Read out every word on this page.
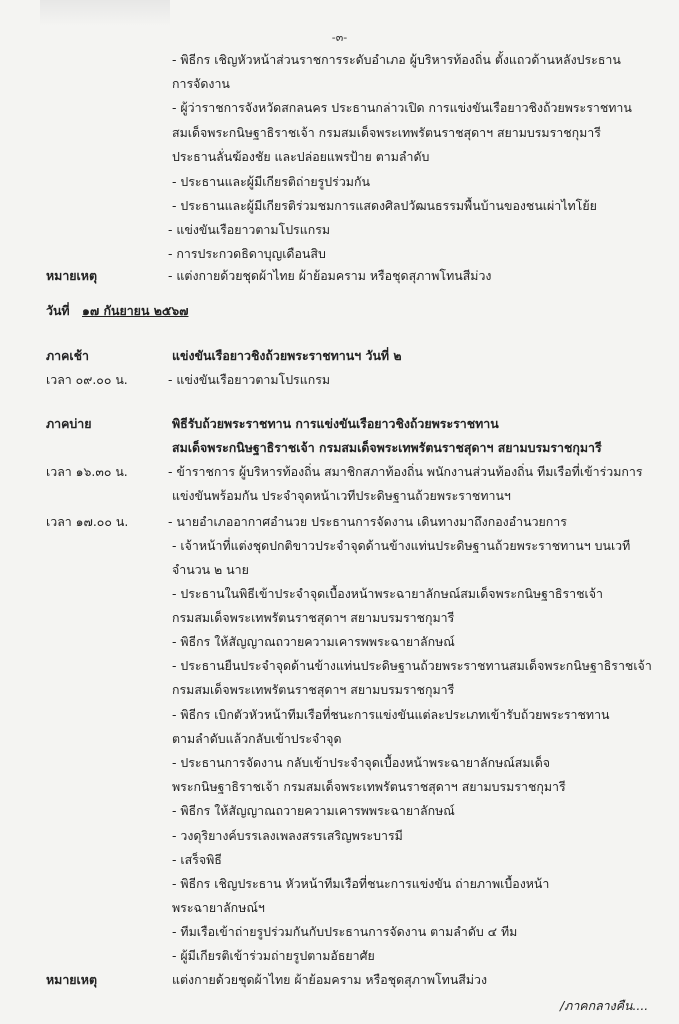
-๓-
- พิธีกร เชิญหัวหน้าส่วนราชการระดับอำเภอ ผู้บริหารท้องถิ่น ตั้งแถวด้านหลังประธาน
การจัดงาน
- ผู้ว่าราชการจังหวัดสกลนคร ประธานกล่าวเปิด การแข่งขันเรือยาวชิงถ้วยพระราชทาน
สมเด็จพระกนิษฐาธิราชเจ้า กรมสมเด็จพระเทพรัตนราชสุดาฯ สยามบรมราชกุมารี
ประธานลั่นฆ้องชัย และปล่อยแพรป้าย ตามลำดับ
- ประธานและผู้มีเกียรติถ่ายรูปร่วมกัน
- ประธานและผู้มีเกียรติร่วมชมการแสดงศิลปวัฒนธรรมพื้นบ้านของชนเผ่าไทโย้ย
- แข่งขันเรือยาวตามโปรแกรม
- การประกวดธิดาบุญเดือนสิบ
หมายเหตุ	- แต่งกายด้วยชุดผ้าไทย ผ้าย้อมคราม หรือชุดสุภาพโทนสีม่วง
วันที่ ๑๗ กันยายน ๒๕๖๗
ภาคเช้า	แข่งขันเรือยาวชิงถ้วยพระราชทานฯ วันที่ ๒
เวลา ๐๙.๐๐ น.	- แข่งขันเรือยาวตามโปรแกรม
ภาคบ่าย	พิธีรับถ้วยพระราชทาน การแข่งขันเรือยาวชิงถ้วยพระราชทาน
สมเด็จพระกนิษฐาธิราชเจ้า กรมสมเด็จพระเทพรัตนราชสุดาฯ สยามบรมราชกุมารี
เวลา ๑๖.๓๐ น.	- ข้าราชการ ผู้บริหารท้องถิ่น สมาชิกสภาท้องถิ่น พนักงานส่วนท้องถิ่น ทีมเรือที่เข้าร่วมการ
แข่งขันพร้อมกัน ประจำจุดหน้าเวทีประดิษฐานถ้วยพระราชทานฯ
เวลา ๑๗.๐๐ น.	- นายอำเภออากาศอำนวย ประธานการจัดงาน เดินทางมาถึงกองอำนวยการ
- เจ้าหน้าที่แต่งชุดปกติขาวประจำจุดด้านข้างแท่นประดิษฐานถ้วยพระราชทานฯ บนเวที
จำนวน ๒ นาย
- ประธานในพิธีเข้าประจำจุดเบื้องหน้าพระฉายาลักษณ์สมเด็จพระกนิษฐาธิราชเจ้า
กรมสมเด็จพระเทพรัตนราชสุดาฯ สยามบรมราชกุมารี
- พิธีกร ให้สัญญาณถวายความเคารพพระฉายาลักษณ์
- ประธานยืนประจำจุดด้านข้างแท่นประดิษฐานถ้วยพระราชทานสมเด็จพระกนิษฐาธิราชเจ้า
กรมสมเด็จพระเทพรัตนราชสุดาฯ สยามบรมราชกุมารี
- พิธีกร เบิกตัวหัวหน้าทีมเรือที่ชนะการแข่งขันแต่ละประเภทเข้ารับถ้วยพระราชทาน
ตามลำดับแล้วกลับเข้าประจำจุด
- ประธานการจัดงาน กลับเข้าประจำจุดเบื้องหน้าพระฉายาลักษณ์สมเด็จ
พระกนิษฐาธิราชเจ้า กรมสมเด็จพระเทพรัตนราชสุดาฯ สยามบรมราชกุมารี
- พิธีกร ให้สัญญาณถวายความเคารพพระฉายาลักษณ์
- วงดุริยางค์บรรเลงเพลงสรรเสริญพระบารมี
- เสร็จพิธี
- พิธีกร เชิญประธาน หัวหน้าทีมเรือที่ชนะการแข่งขัน ถ่ายภาพเบื้องหน้า
พระฉายาลักษณ์ฯ
- ทีมเรือเข้าถ่ายรูปร่วมกันกับประธานการจัดงาน ตามลำดับ ๔ ทีม
- ผู้มีเกียรติเข้าร่วมถ่ายรูปตามอัธยาศัย
หมายเหตุ	แต่งกายด้วยชุดผ้าไทย ผ้าย้อมคราม หรือชุดสุภาพโทนสีม่วง
/ภาคกลางคืน....
